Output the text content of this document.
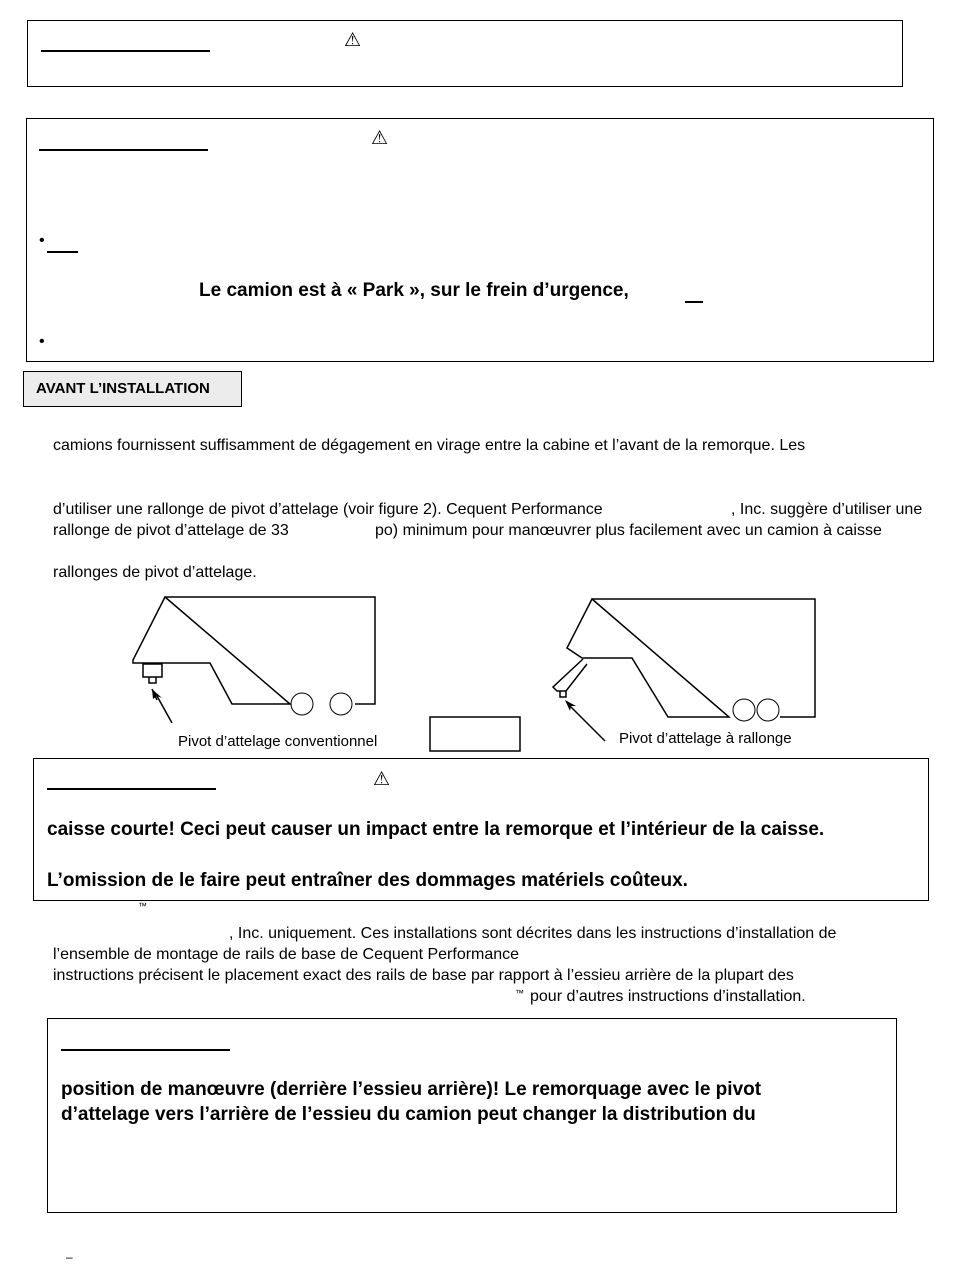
⚠
⚠
•
Le camion est à « Park », sur le frein d’urgence,
•
AVANT L’INSTALLATION
camions fournissent suffisamment de dégagement en virage entre la cabine et l’avant de la remorque. Les
d’utiliser une rallonge de pivot d’attelage (voir figure 2). Cequent Performance	, Inc. suggère d’utiliser une
rallonge de pivot d’attelage de 33	po) minimum pour manœuvrer plus facilement avec un camion à caisse
rallonges de pivot d’attelage.
Pivot d’attelage conventionnel	Pivot d’attelage à rallonge
⚠
caisse courte! Ceci peut causer un impact entre la remorque et l’intérieur de la caisse.
L’omission de le faire peut entraîner des dommages matériels coûteux.
™
, Inc. uniquement. Ces installations sont décrites dans les instructions d’installation de
l’ensemble de montage de rails de base de Cequent Performance
instructions précisent le placement exact des rails de base par rapport à l’essieu arrière de la plupart des
™ pour d’autres instructions d’installation.
position de manœuvre (derrière l’essieu arrière)! Le remorquage avec le pivot
d’attelage vers l’arrière de l’essieu du camion peut changer la distribution du
–
